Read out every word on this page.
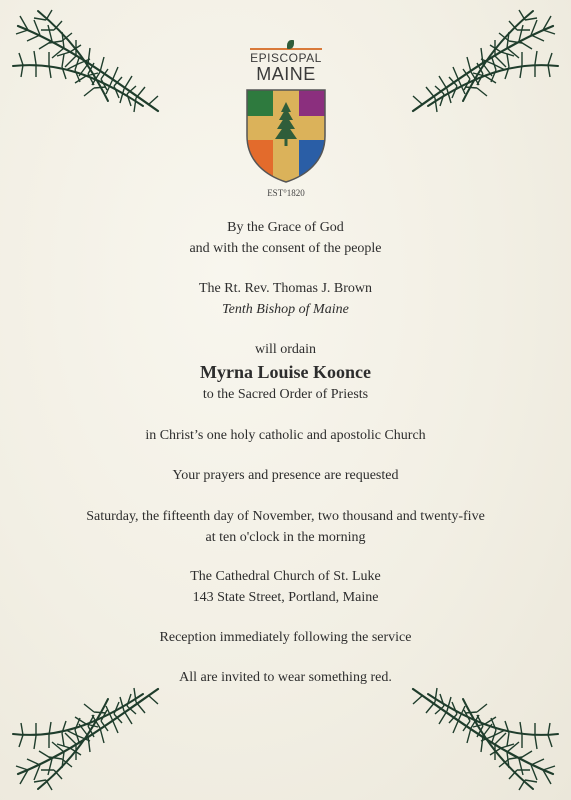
EPISCOPAL
MAINE
EST°1820
By the Grace of God
and with the consent of the people
The Rt. Rev. Thomas J. Brown
Tenth Bishop of Maine
will ordain
Myrna Louise Koonce
to the Sacred Order of Priests
in Christ’s one holy catholic and apostolic Church
Your prayers and presence are requested
Saturday, the fifteenth day of November, two thousand and twenty-five
at ten o'clock in the morning
The Cathedral Church of St. Luke
143 State Street, Portland, Maine
Reception immediately following the service
All are invited to wear something red.
